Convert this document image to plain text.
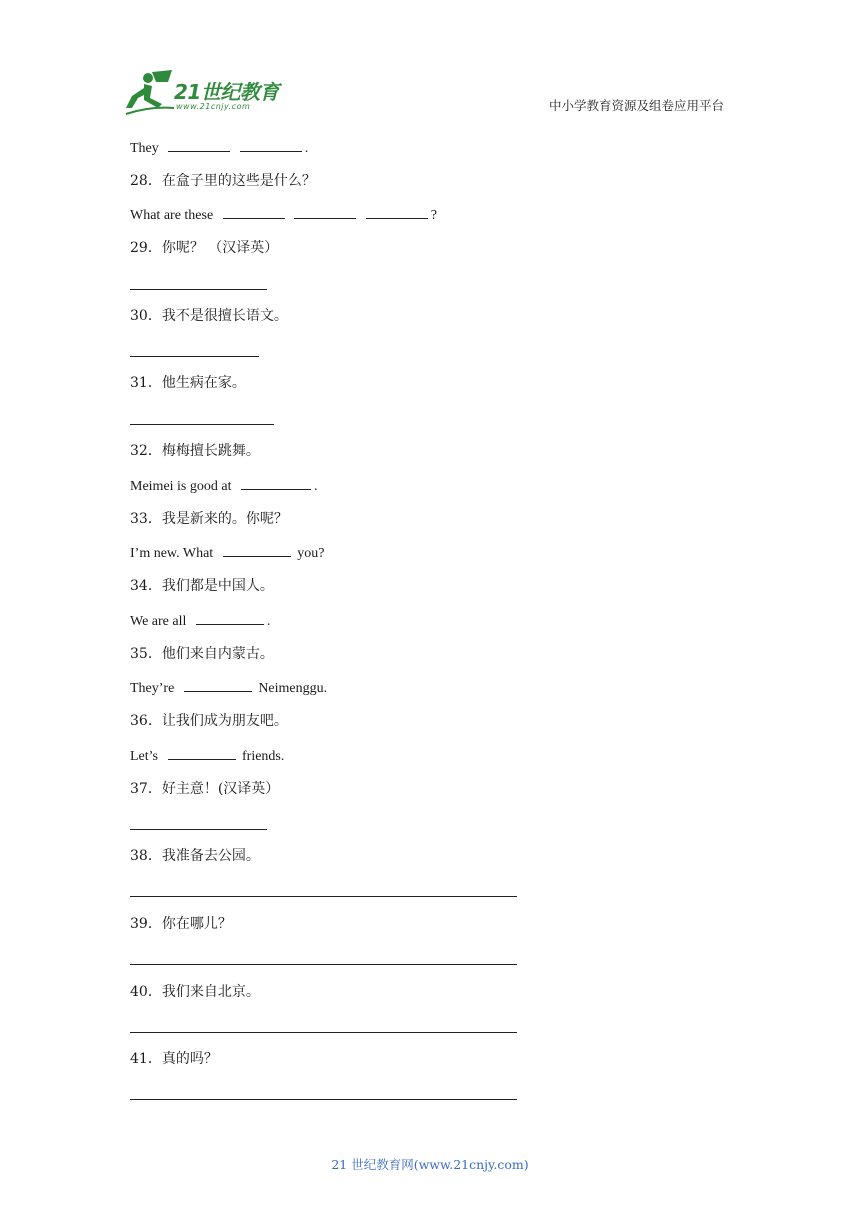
21世纪教育
www.21cnjy.com	中小学教育资源及组卷应用平台
They	.
28．在盒子里的这些是什么？
What are these	?
29．你呢？ （汉译英）
30．我不是很擅长语文。
31．他生病在家。
32．梅梅擅长跳舞。
Meimei is good at	.
33．我是新来的。你呢？
I’m new. What	you?
34．我们都是中国人。
We are all	.
35．他们来自内蒙古。
They’re	Neimenggu.
36．让我们成为朋友吧。
Let’s	friends.
37．好主意！(汉译英）
38．我准备去公园。
39．你在哪儿？
40．我们来自北京。
41．真的吗？
21 世纪教育网(www.21cnjy.com)
